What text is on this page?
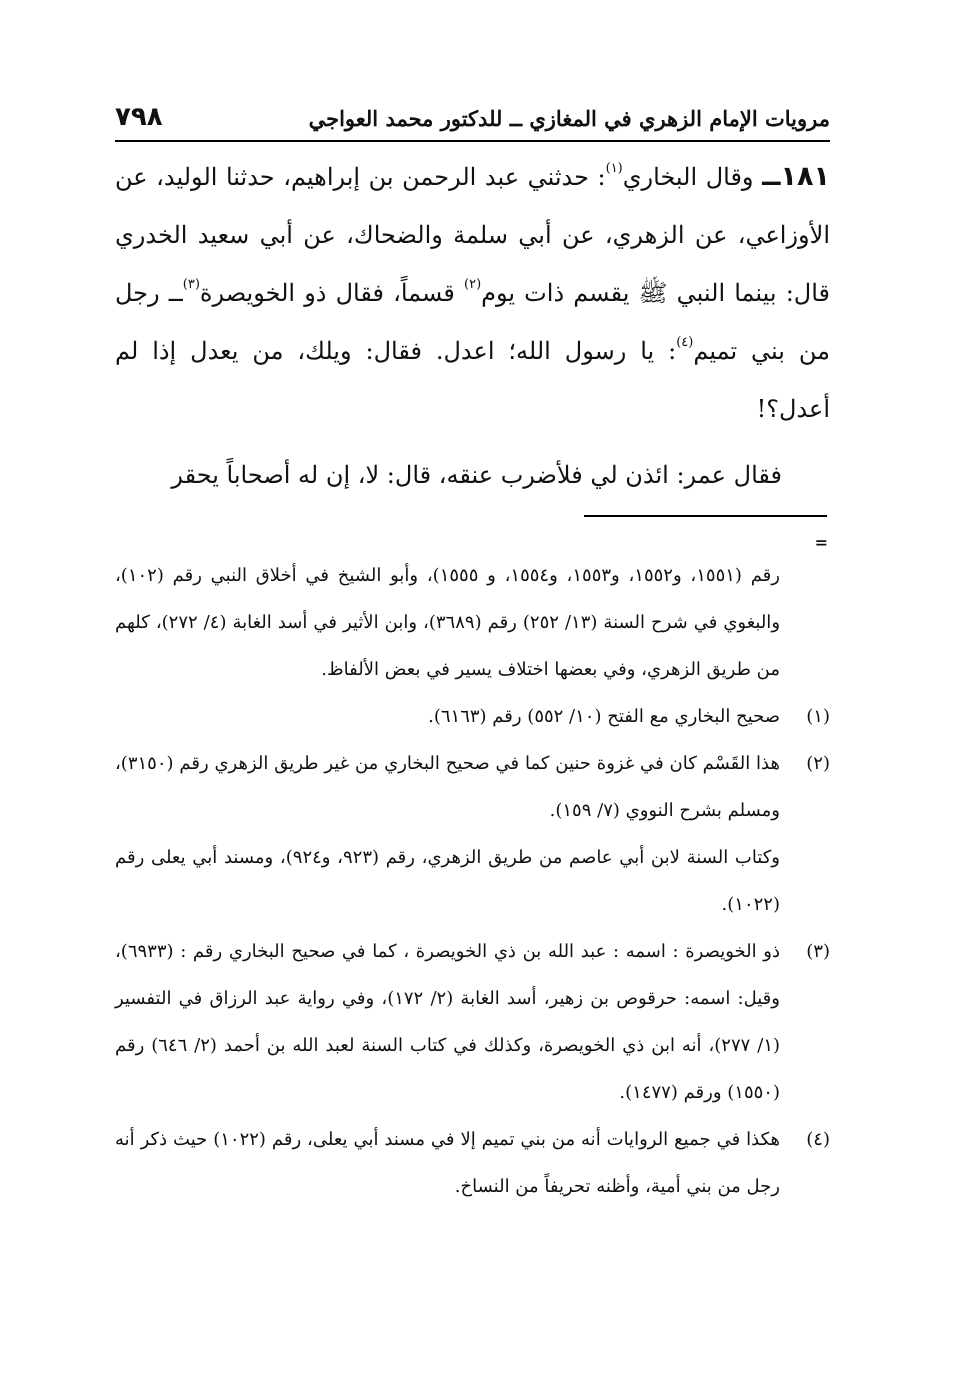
مرويات الإمام الزهري في المغازي ــ للدكتور محمد العواجي
٧٩٨

١٨١ــ وقال البخاري$^{(١)}$: حدثني عبد الرحمن بن إبراهيم، حدثنا الوليد، عن الأوزاعي، عن الزهري، عن أبي سلمة والضحاك، عن أبي سعيد الخدري قال: بينما النبي ﷺ يقسم ذات يوم$^{(٢)}$ قسماً، فقال ذو الخويصرة$^{(٣)}$ــ رجل من بني تميم$^{(٤)}$: يا رسول الله؛ اعدل. فقال: ويلك، من يعدل إذا لم أعدل؟!

فقال عمر: ائذن لي فلأضرب عنقه، قال: لا، إن له أصحاباً يحقر

=

رقم (١٥٥١، و١٥٥٢، و١٥٥٣، و١٥٥٤، و ١٥٥٥)، وأبو الشيخ في أخلاق النبي رقم (١٠٢)، والبغوي في شرح السنة (١٣/ ٢٥٢) رقم (٣٦٨٩)، وابن الأثير في أسد الغابة (٤/ ٢٧٢)، كلهم من طريق الزهري، وفي بعضها اختلاف يسير في بعض الألفاظ.

(١)
صحيح البخاري مع الفتح (١٠/ ٥٥٢) رقم (٦١٦٣).
(٢)
هذا القَسْم كان في غزوة حنين كما في صحيح البخاري من غير طريق الزهري رقم (٣١٥٠)، ومسلم بشرح النووي (٧/ ١٥٩).

وكتاب السنة لابن أبي عاصم من طريق الزهري، رقم (٩٢٣، و٩٢٤)، ومسند أبي يعلى رقم (١٠٢٢).

(٣)
ذو الخويصرة : اسمه : عبد الله بن ذي الخويصرة ، كما في صحيح البخاري رقم : (٦٩٣٣)، وقيل: اسمه: حرقوص بن زهير، أسد الغابة (٢/ ١٧٢)، وفي رواية عبد الرزاق في التفسير (١/ ٢٧٧)، أنه ابن ذي الخويصرة، وكذلك في كتاب السنة لعبد الله بن أحمد (٢/ ٦٤٦) رقم (١٥٥٠) ورقم (١٤٧٧).
(٤)
هكذا في جميع الروايات أنه من بني تميم إلا في مسند أبي يعلى، رقم (١٠٢٢) حيث ذكر أنه رجل من بني أمية، وأظنه تحريفاً من النساخ.
